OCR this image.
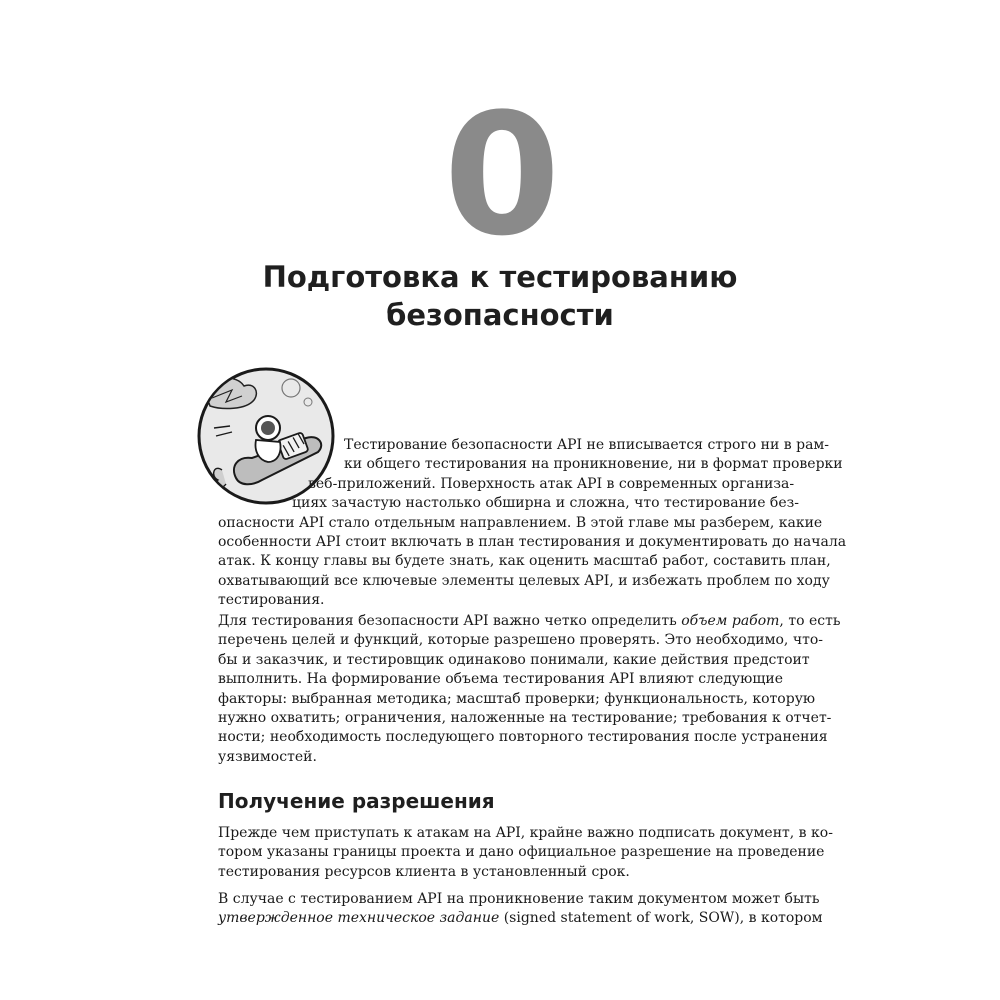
0
Подготовка к тестированию
безопасности
Тестирование безопасности API не вписывается строго ни в рам-
ки общего тестирования на проникновение, ни в формат проверки
веб-приложений. Поверхность атак API в современных организа-
циях зачастую настолько обширна и сложна, что тестирование без-
опасности API стало отдельным направлением. В этой главе мы разберем, какие
особенности API стоит включать в план тестирования и документировать до начала
атак. К концу главы вы будете знать, как оценить масштаб работ, составить план,
охватывающий все ключевые элементы целевых API, и избежать проблем по ходу
тестирования.
Для тестирования безопасности API важно четко определить объем работ, то есть
перечень целей и функций, которые разрешено проверять. Это необходимо, что-
бы и заказчик, и тестировщик одинаково понимали, какие действия предстоит
выполнить. На формирование объема тестирования API влияют следующие
факторы: выбранная методика; масштаб проверки; функциональность, которую
нужно охватить; ограничения, наложенные на тестирование; требования к отчет-
ности; необходимость последующего повторного тестирования после устранения
уязвимостей.
Получение разрешения
Прежде чем приступать к атакам на API, крайне важно подписать документ, в ко-
тором указаны границы проекта и дано официальное разрешение на проведение
тестирования ресурсов клиента в установленный срок.
В случае с тестированием API на проникновение таким документом может быть
утвержденное техническое задание (signed statement of work, SOW), в котором
